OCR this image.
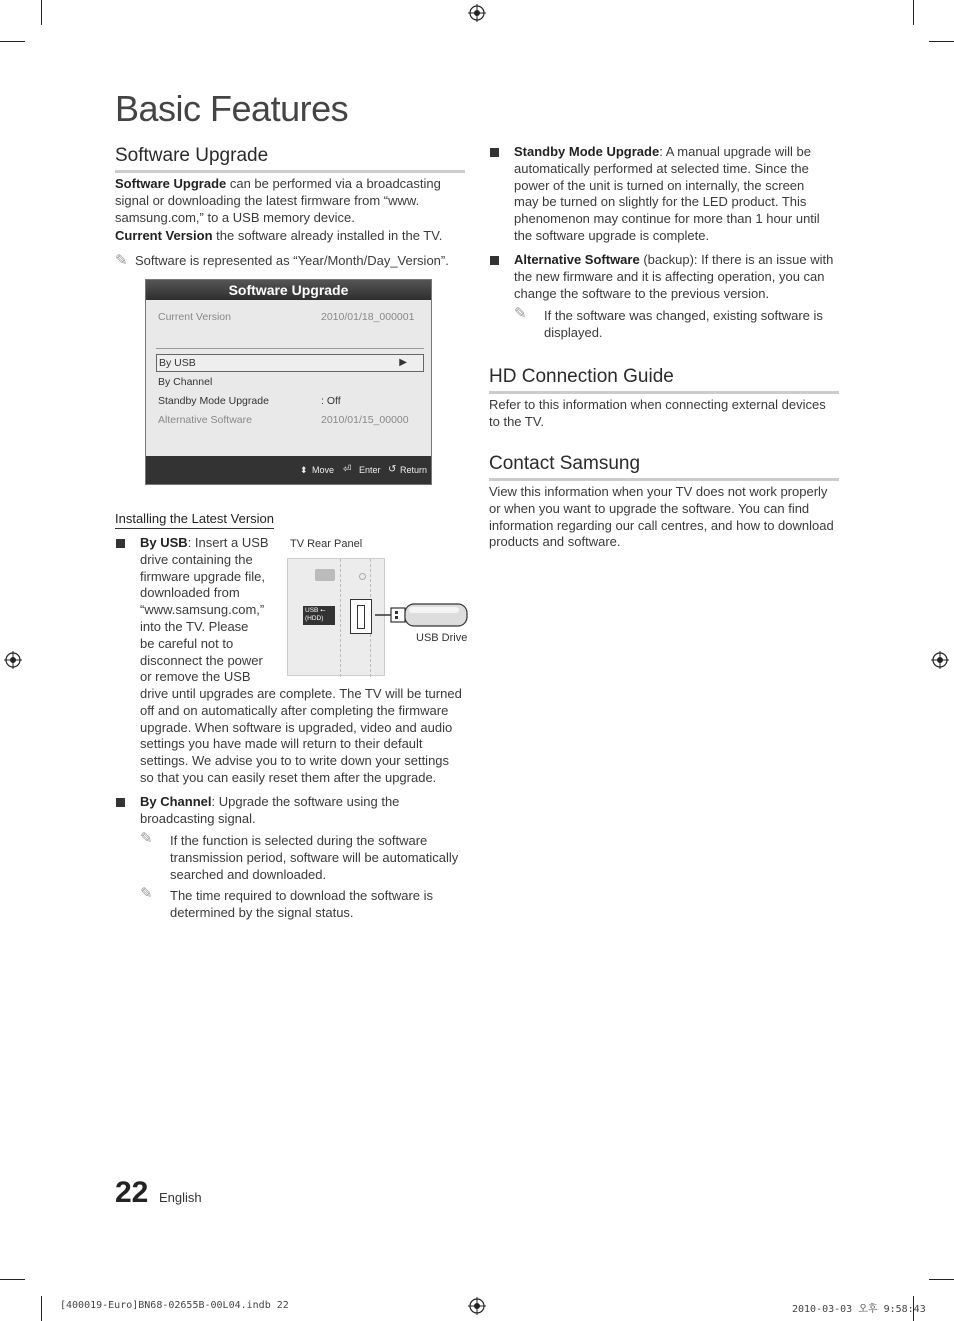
Basic Features
Software Upgrade
Software Upgrade can be performed via a broadcasting
signal or downloading the latest firmware from “www.
samsung.com,” to a USB memory device.
Current Version the software already installed in the TV.
✎ Software is represented as “Year/Month/Day_Version”.
Software Upgrade
Current Version	2010/01/18_000001
By USB	▶
By Channel
Standby Mode Upgrade	: Off
Alternative Software	2010/01/15_00000
⬍ Move ⏎ Enter ↺ Return
Installing the Latest Version
By USB: Insert a USB
drive containing the
firmware upgrade file,
downloaded from
“www.samsung.com,”
into the TV. Please
be careful not to
disconnect the power
or remove the USB
drive until upgrades are complete. The TV will be turned
off and on automatically after completing the firmware
upgrade. When software is upgraded, video and audio
settings you have made will return to their default
settings. We advise you to to write down your settings
so that you can easily reset them after the upgrade.
TV Rear Panel
USB ⭠
(HDD)
USB Drive
By Channel: Upgrade the software using the
broadcasting signal.
✎	If the function is selected during the software
transmission period, software will be automatically
searched and downloaded.
✎	The time required to download the software is
determined by the signal status.
Standby Mode Upgrade: A manual upgrade will be
automatically performed at selected time. Since the
power of the unit is turned on internally, the screen
may be turned on slightly for the LED product. This
phenomenon may continue for more than 1 hour until
the software upgrade is complete.
Alternative Software (backup): If there is an issue with
the new firmware and it is affecting operation, you can
change the software to the previous version.
✎	If the software was changed, existing software is
displayed.
HD Connection Guide
Refer to this information when connecting external devices
to the TV.
Contact Samsung
View this information when your TV does not work properly
or when you want to upgrade the software. You can find
information regarding our call centres, and how to download
products and software.
22 English
[400019-Euro]BN68-02655B-00L04.indb 22	2010-03-03 오후 9:58:43
